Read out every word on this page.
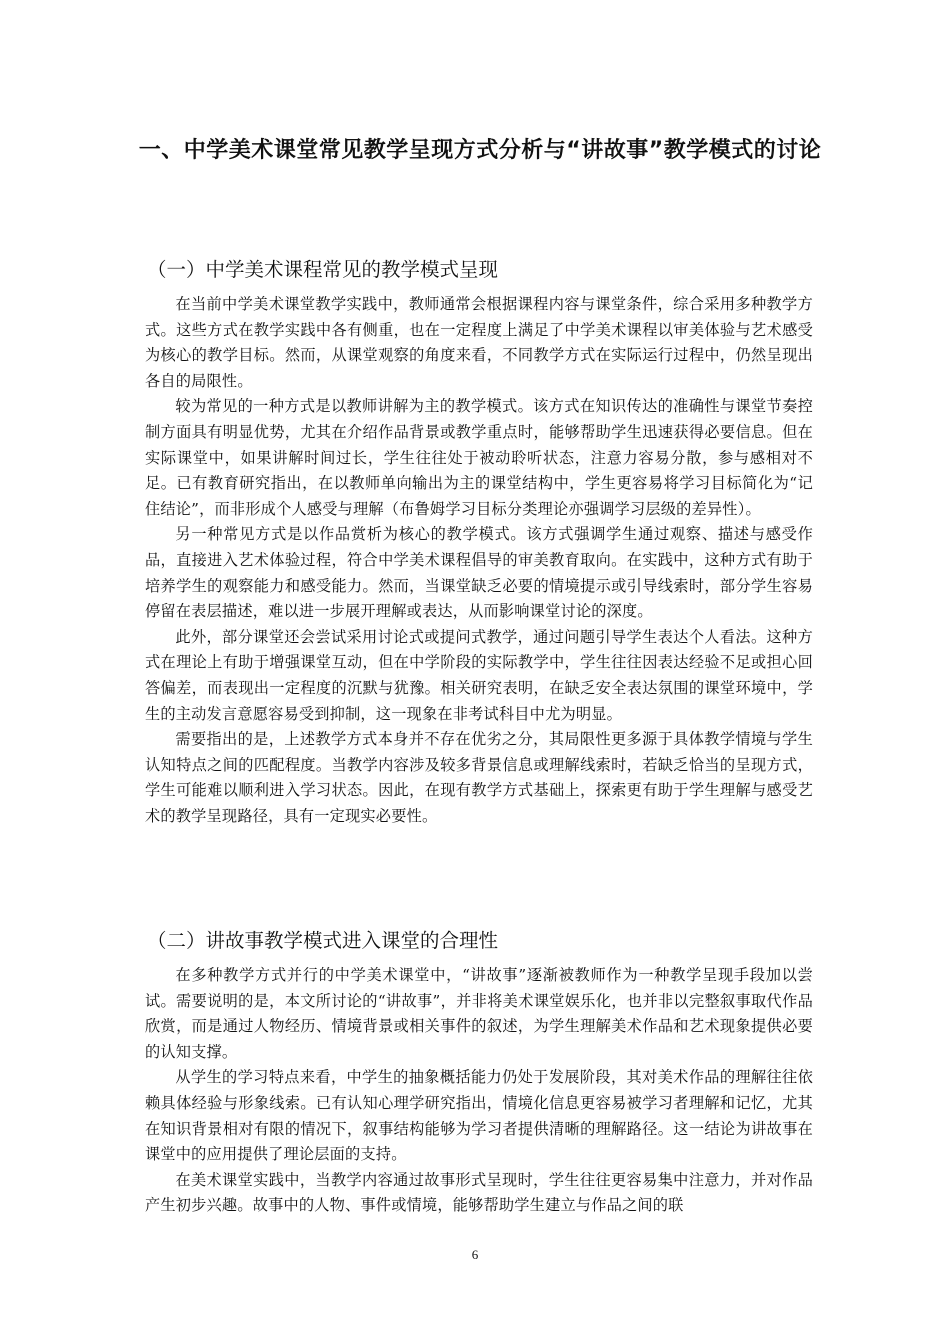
一、中学美术课堂常见教学呈现方式分析与“讲故事”教学模式的讨论
（一）中学美术课程常见的教学模式呈现

在当前中学美术课堂教学实践中，教师通常会根据课程内容与课堂条件，综合采用多种教学方式。这些方式在教学实践中各有侧重，也在一定程度上满足了中学美术课程以审美体验与艺术感受为核心的教学目标。然而，从课堂观察的角度来看，不同教学方式在实际运行过程中，仍然呈现出各自的局限性。

较为常见的一种方式是以教师讲解为主的教学模式。该方式在知识传达的准确性与课堂节奏控制方面具有明显优势，尤其在介绍作品背景或教学重点时，能够帮助学生迅速获得必要信息。但在实际课堂中，如果讲解时间过长，学生往往处于被动聆听状态，注意力容易分散，参与感相对不足。已有教育研究指出，在以教师单向输出为主的课堂结构中，学生更容易将学习目标简化为“记住结论”，而非形成个人感受与理解（布鲁姆学习目标分类理论亦强调学习层级的差异性）。

另一种常见方式是以作品赏析为核心的教学模式。该方式强调学生通过观察、描述与感受作品，直接进入艺术体验过程，符合中学美术课程倡导的审美教育取向。在实践中，这种方式有助于培养学生的观察能力和感受能力。然而，当课堂缺乏必要的情境提示或引导线索时，部分学生容易停留在表层描述，难以进一步展开理解或表达，从而影响课堂讨论的深度。

此外，部分课堂还会尝试采用讨论式或提问式教学，通过问题引导学生表达个人看法。这种方式在理论上有助于增强课堂互动，但在中学阶段的实际教学中，学生往往因表达经验不足或担心回答偏差，而表现出一定程度的沉默与犹豫。相关研究表明，在缺乏安全表达氛围的课堂环境中，学生的主动发言意愿容易受到抑制，这一现象在非考试科目中尤为明显。

需要指出的是，上述教学方式本身并不存在优劣之分，其局限性更多源于具体教学情境与学生认知特点之间的匹配程度。当教学内容涉及较多背景信息或理解线索时，若缺乏恰当的呈现方式，学生可能难以顺利进入学习状态。因此，在现有教学方式基础上，探索更有助于学生理解与感受艺术的教学呈现路径，具有一定现实必要性。

（二）讲故事教学模式进入课堂的合理性

在多种教学方式并行的中学美术课堂中，“讲故事”逐渐被教师作为一种教学呈现手段加以尝试。需要说明的是，本文所讨论的“讲故事”，并非将美术课堂娱乐化，也并非以完整叙事取代作品欣赏，而是通过人物经历、情境背景或相关事件的叙述，为学生理解美术作品和艺术现象提供必要的认知支撑。

从学生的学习特点来看，中学生的抽象概括能力仍处于发展阶段，其对美术作品的理解往往依赖具体经验与形象线索。已有认知心理学研究指出，情境化信息更容易被学习者理解和记忆，尤其在知识背景相对有限的情况下，叙事结构能够为学习者提供清晰的理解路径。这一结论为讲故事在课堂中的应用提供了理论层面的支持。

在美术课堂实践中，当教学内容通过故事形式呈现时，学生往往更容易集中注意力，并对作品产生初步兴趣。故事中的人物、事件或情境，能够帮助学生建立与作品之间的联

6
